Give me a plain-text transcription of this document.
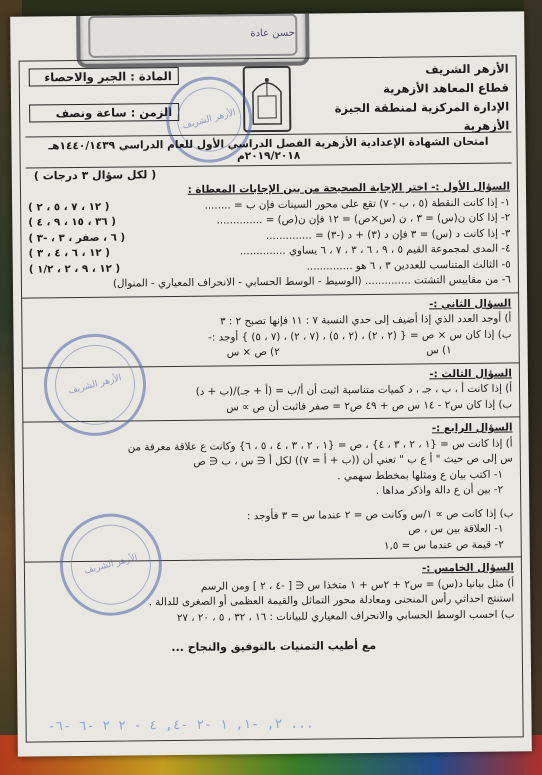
حسن عادة
الأزهر الشريف
قطاع المعاهد الأزهرية
الإدارة المركزية لمنطقة الجيزة الأزهرية
المادة : الجبر والاحصاء
الزمن : ساعة ونصف	الأزهر الشريف
امتحان الشهادة الإعدادية الأزهرية الفصل الدراسي الأول للعام الدراسي ١٤٤٠/١٤٣٩هـ ٢٠١٩/٢٠١٨م
( لكل سؤال ٣ درجات )
السؤال الأول :- اختر الإجابة الصحيحة من بين الإجابات المعطاة :
١- إذا كانت النقطة (٥ ، ب - ٧) تقع على محور السينات فإن ب = ........
( ١٢ ، ٧ ، ٥ ، ٢ )
٢- إذا كان ن(س) = ٣ ، ن (س×ص) = ١٢ فإن ن(ص) = ..............
( ٣٦ ، ١٥ ، ٩ ، ٤ )
٣- إذا كانت د (س) = ٣ فإن د (٣) + د (-٣) = ..............
( ٦ ، صفر ، ٣ ، -٣ )
٤- المدى لمجموعة القيم ٥ ، ٩ ، ٦ ، ٣ ، ٧ ، ٦ يساوي ..............
( ١٢ ، ٦ ، ٤ ، ٣ )
٥- الثالث المتناسب للعددين ٣ ، ٦ هو ..............
( ١٢ ، ٩ ، ٢ ، ١/٢ )
٦- من مقاييس التشتت .............. (الوسيط - الوسط الحسابي - الانحراف المعياري - المنوال)
السؤال الثاني :-
أ) أوجد العدد الذي إذا أضيف إلى حدي النسبة ٧ : ١١ فإنها تصبح ٢ : ٣
ب) إذا كان س × ص = { (٢ ، ٢) ، (٢ ، ٥) ، (٧ ، ٢) ، (٧ ، ٥) } أوجد :-
١) س  ٢) ص × س
السؤال الثالث :-
أ) إذا كانت أ ، ب ، جـ ، د كميات متناسبة اثبت أن أ/ب = (أ + جـ)/(ب + د)
ب) إذا كان س٢ - ١٤ س ص + ٤٩ ص٢ = صفر فاثبت أن ص ∝ س
السؤال الرابع :-
أ) إذا كانت س = {١ ، ٢ ، ٣ ، ٤} ، ص = {١ ، ٢ ، ٣ ، ٤ ، ٥ ، ٦} وكانت ع علاقة معرفة من
س إلى ص حيث " أ ع ب " تعني أن ((ب + أ = ٧)) لكل أ ∈ س ، ب ∈ ص
١- اكتب بيان ع ومثلها بمخطط سهمي .
٢- بين أن ع دالة واذكر مداها .
ب) إذا كانت ص ∝ ١/س وكانت ص = ٢ عندما س = ٣ فأوجد :
١- العلاقة بين س ، ص
٢- قيمة ص عندما س = ١,٥
السؤال الخامس :-
أ) مثل بيانيا د(س) = س٢ + ٢س + ١ متخذا س ∈ [ -٤ ، ٢ ] ومن الرسم
استنتج احداثي رأس المنحنى ومعادلة محور التماثل والقيمة العظمى أو الصغرى للدالة .
ب) احسب الوسط الحسابي والانحراف المعياري للبيانات : ١٦ ، ٣٢ ، ٥ ، ٢٠ ، ٢٧
مع أطيب التمنيات بالتوفيق والنجاح ...
الأزهر الشريف
الأزهر الشريف
-٢, -١, ١ -٢ -٤, ٤ - ٢ ٢ -٦ -٦ ...
